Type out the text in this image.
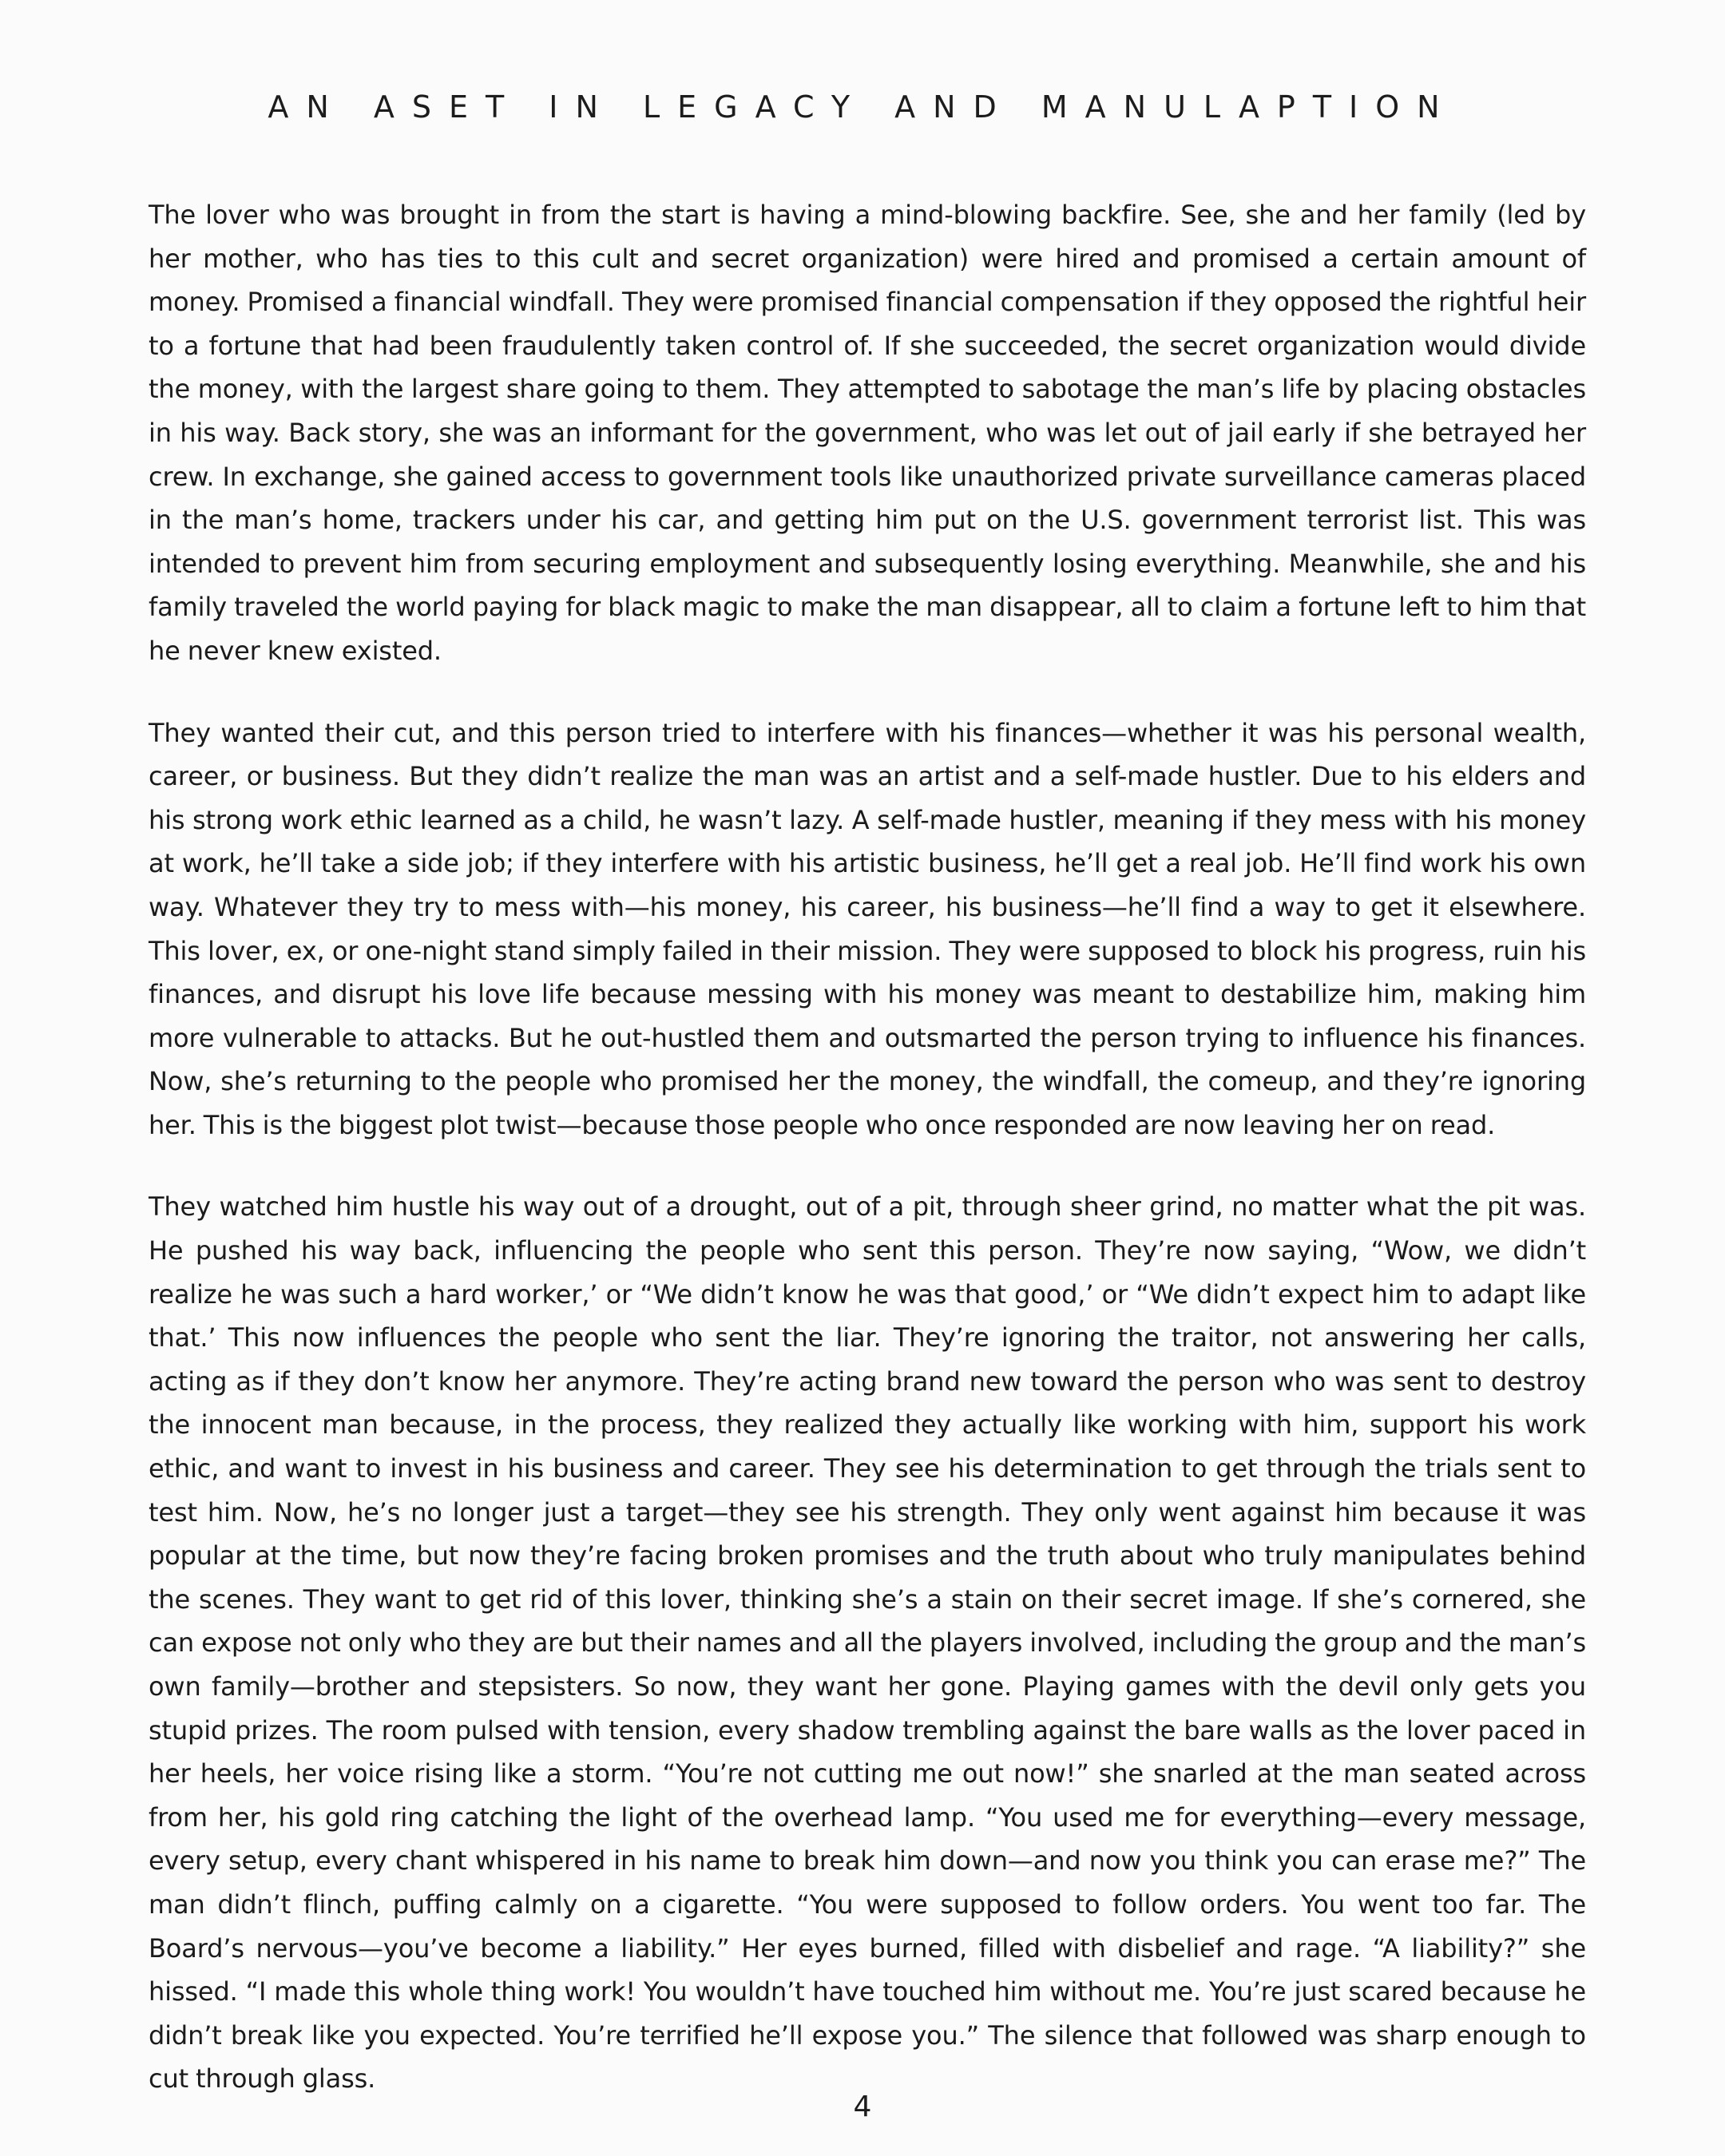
AN ASET IN LEGACY AND MANULAPTION

The lover who was brought in from the start is having a mind-blowing backfire. See, she and her family (led by her mother, who has ties to this cult and secret organization) were hired and promised a certain amount of money. Promised a financial windfall. They were promised financial compensation if they opposed the rightful heir to a fortune that had been fraudulently taken control of. If she succeeded, the secret organization would divide the money, with the largest share going to them. They attempted to sabotage the man’s life by placing obstacles in his way. Back story, she was an informant for the government, who was let out of jail early if she betrayed her crew. In exchange, she gained access to government tools like unauthorized private surveillance cameras placed in the man’s home, trackers under his car, and getting him put on the U.S. government terrorist list. This was intended to prevent him from securing employment and subsequently losing everything. Meanwhile, she and his family traveled the world paying for black magic to make the man disappear, all to claim a fortune left to him that he never knew existed.

They wanted their cut, and this person tried to interfere with his finances—whether it was his personal wealth, career, or business. But they didn’t realize the man was an artist and a self-made hustler. Due to his elders and his strong work ethic learned as a child, he wasn’t lazy. A self-made hustler, meaning if they mess with his money at work, he’ll take a side job; if they interfere with his artistic business, he’ll get a real job. He’ll find work his own way. Whatever they try to mess with—his money, his career, his business—he’ll find a way to get it elsewhere. This lover, ex, or one-night stand simply failed in their mission. They were supposed to block his progress, ruin his finances, and disrupt his love life because messing with his money was meant to destabilize him, making him more vulnerable to attacks. But he out-hustled them and outsmarted the person trying to influence his finances. Now, she’s returning to the people who promised her the money, the windfall, the comeup, and they’re ignoring her. This is the biggest plot twist—because those people who once responded are now leaving her on read.

They watched him hustle his way out of a drought, out of a pit, through sheer grind, no matter what the pit was. He pushed his way back, influencing the people who sent this person. They’re now saying, “Wow, we didn’t realize he was such a hard worker,’ or “We didn’t know he was that good,’ or “We didn’t expect him to adapt like that.’ This now influences the people who sent the liar. They’re ignoring the traitor, not answering her calls, acting as if they don’t know her anymore. They’re acting brand new toward the person who was sent to destroy the innocent man because, in the process, they realized they actually like working with him, support his work ethic, and want to invest in his business and career. They see his determination to get through the trials sent to test him. Now, he’s no longer just a target—they see his strength. They only went against him because it was popular at the time, but now they’re facing broken promises and the truth about who truly manipulates behind the scenes. They want to get rid of this lover, thinking she’s a stain on their secret image. If she’s cornered, she can expose not only who they are but their names and all the players involved, including the group and the man’s own family—brother and stepsisters. So now, they want her gone. Playing games with the devil only gets you stupid prizes. The room pulsed with tension, every shadow trembling against the bare walls as the lover paced in her heels, her voice rising like a storm. “You’re not cutting me out now!” she snarled at the man seated across from her, his gold ring catching the light of the overhead lamp. “You used me for everything—every message, every setup, every chant whispered in his name to break him down—and now you think you can erase me?” The man didn’t flinch, puffing calmly on a cigarette. “You were supposed to follow orders. You went too far. The Board’s nervous—you’ve become a liability.” Her eyes burned, filled with disbelief and rage. “A liability?” she hissed. “I made this whole thing work! You wouldn’t have touched him without me. You’re just scared because he didn’t break like you expected. You’re terrified he’ll expose you.” The silence that followed was sharp enough to cut through glass.

4
